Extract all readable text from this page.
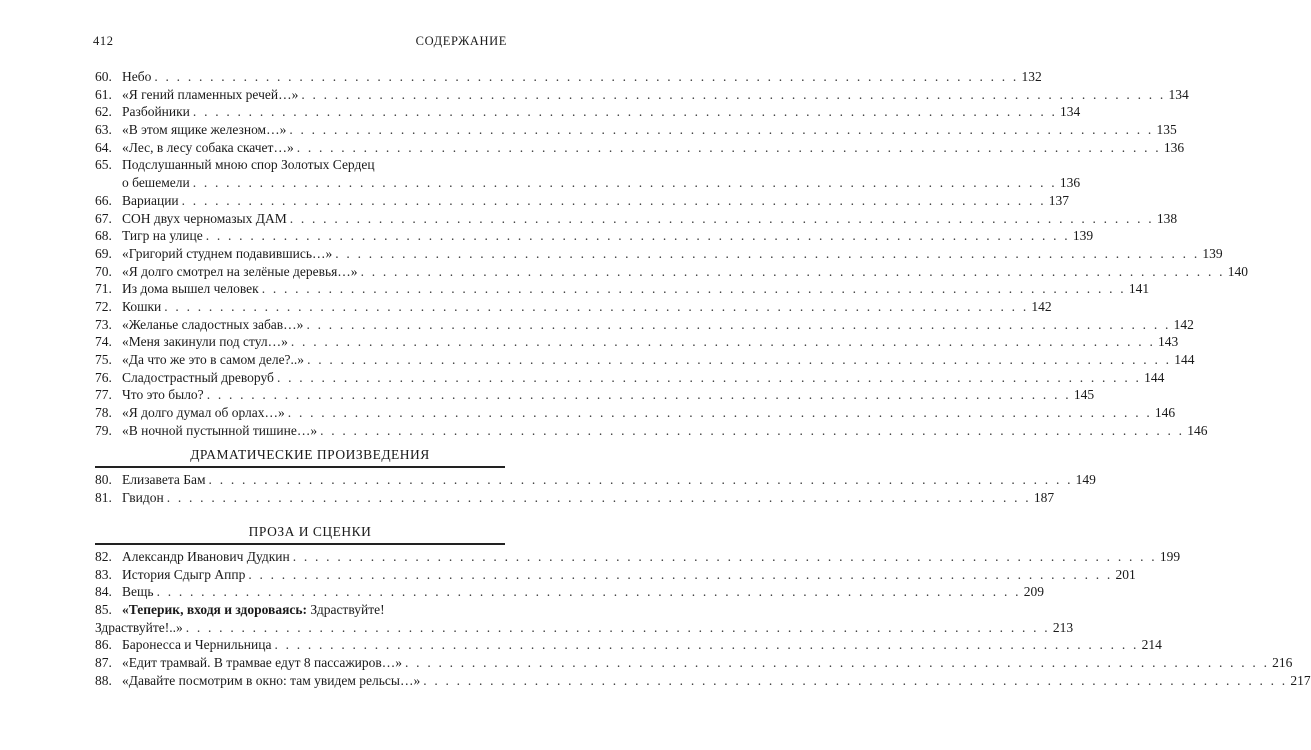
412	СОДЕРЖАНИЕ
60. Небо . . .	132
61. «Я гений пламенных речей…» . . .	134
62. Разбойники . . .	134
63. «В этом ящике железном…» . . .	135
64. «Лес, в лесу собака скачет…» . . .	136
65. Подслушанный мною спор Золотых Сердец
о бешемели . . .	136
66. Вариации . . .	137
67. СОН двух черномазых ДАМ . . .	138
68. Тигр на улице . . .	139
69. «Григорий студнем подавившись…» . . .	139
70. «Я долго смотрел на зелёные деревья…» . . .	140
71. Из дома вышел человек . . .	141
72. Кошки . . .	142
73. «Желанье сладостных забав…» . . .	142
74. «Меня закинули под стул…» . . .	143
75. «Да что же это в самом деле?..» . . .	144
76. Сладострастный древоруб . . .	144
77. Что это было? . . .	145
78. «Я долго думал об орлах…» . . .	146
79. «В ночной пустынной тишине…» . . .	146
ДРАМАТИЧЕСКИЕ ПРОИЗВЕДЕНИЯ
80. Елизавета Бам . . .	149
81. Гвидон . . .	187
ПРОЗА И СЦЕНКИ
82. Александр Иванович Дудкин . . .	199
83. История Сдыгр Аппр . . .	201
84. Вещь . . .	209
85. «Теперик, входя и здороваясь: Здраствуйте!
Здраствуйте!..» . . .	213
86. Баронесса и Чернильница . . .	214
87. «Едит трамвай. В трамвае едут 8 пассажиров…» . . .	216
88. «Давайте посмотрим в окно: там увидем рельсы…» . . .	217
